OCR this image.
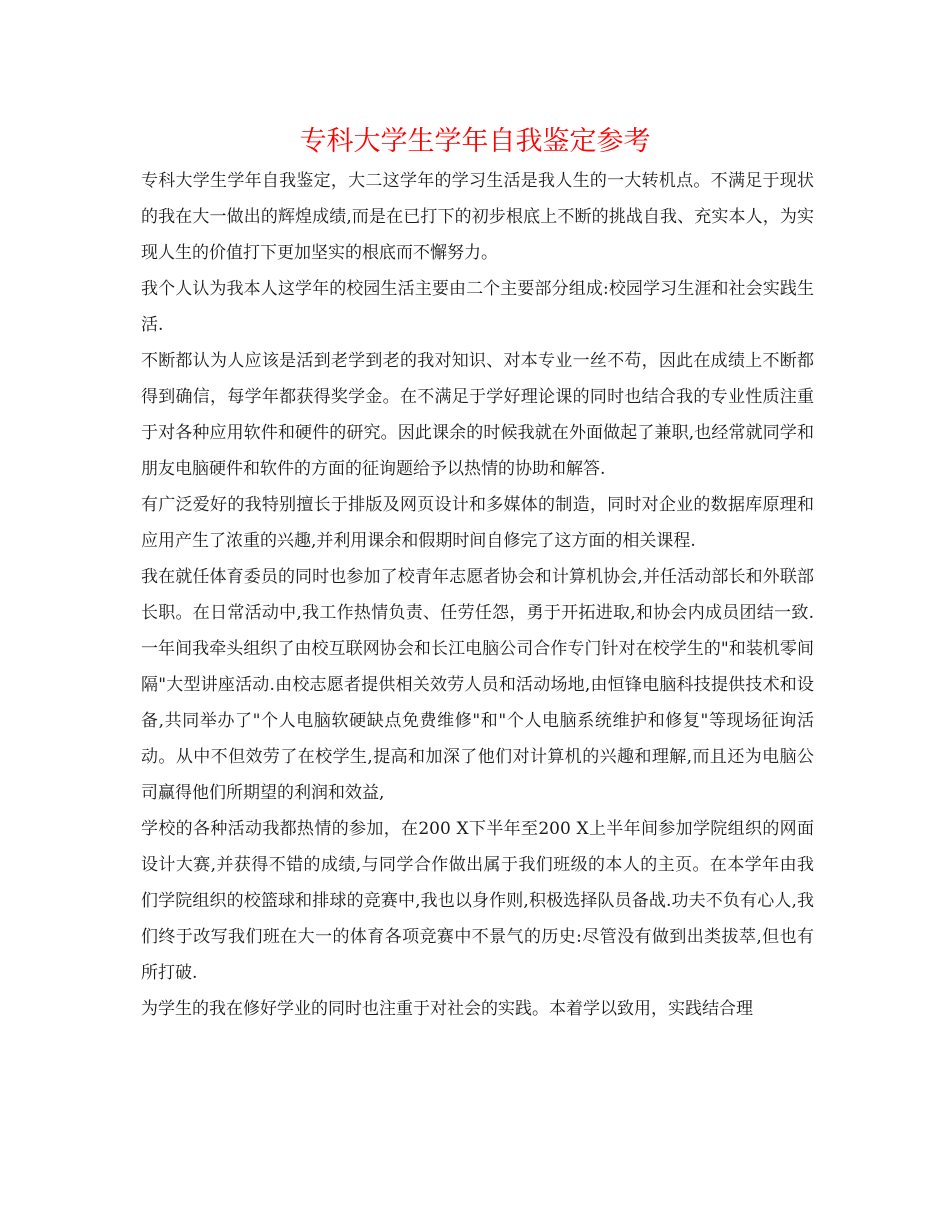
专科大学生学年自我鉴定参考

专科大学生学年自我鉴定，大二这学年的学习生活是我人生的一大转机点。不满足于现状的我在大一做出的辉煌成绩,而是在已打下的初步根底上不断的挑战自我、充实本人，为实现人生的价值打下更加坚实的根底而不懈努力。

我个人认为我本人这学年的校园生活主要由二个主要部分组成:校园学习生涯和社会实践生活.

不断都认为人应该是活到老学到老的我对知识、对本专业一丝不苟，因此在成绩上不断都得到确信，每学年都获得奖学金。在不满足于学好理论课的同时也结合我的专业性质注重于对各种应用软件和硬件的研究。因此课余的时候我就在外面做起了兼职,也经常就同学和朋友电脑硬件和软件的方面的征询题给予以热情的协助和解答.

有广泛爱好的我特别擅长于排版及网页设计和多媒体的制造，同时对企业的数据库原理和应用产生了浓重的兴趣,并利用课余和假期时间自修完了这方面的相关课程.

我在就任体育委员的同时也参加了校青年志愿者协会和计算机协会,并任活动部长和外联部长职。在日常活动中,我工作热情负责、任劳任怨，勇于开拓进取,和协会内成员团结一致.一年间我牵头组织了由校互联网协会和长江电脑公司合作专门针对在校学生的"和装机零间隔"大型讲座活动.由校志愿者提供相关效劳人员和活动场地,由恒锋电脑科技提供技术和设备,共同举办了"个人电脑软硬缺点免费维修"和"个人电脑系统维护和修复"等现场征询活动。从中不但效劳了在校学生,提高和加深了他们对计算机的兴趣和理解,而且还为电脑公司赢得他们所期望的利润和效益,

学校的各种活动我都热情的参加，在200 X下半年至200 X上半年间参加学院组织的网面设计大赛,并获得不错的成绩,与同学合作做出属于我们班级的本人的主页。在本学年由我们学院组织的校篮球和排球的竞赛中,我也以身作则,积极选择队员备战.功夫不负有心人,我们终于改写我们班在大一的体育各项竞赛中不景气的历史:尽管没有做到出类拔萃,但也有所打破.

为学生的我在修好学业的同时也注重于对社会的实践。本着学以致用，实践结合理
